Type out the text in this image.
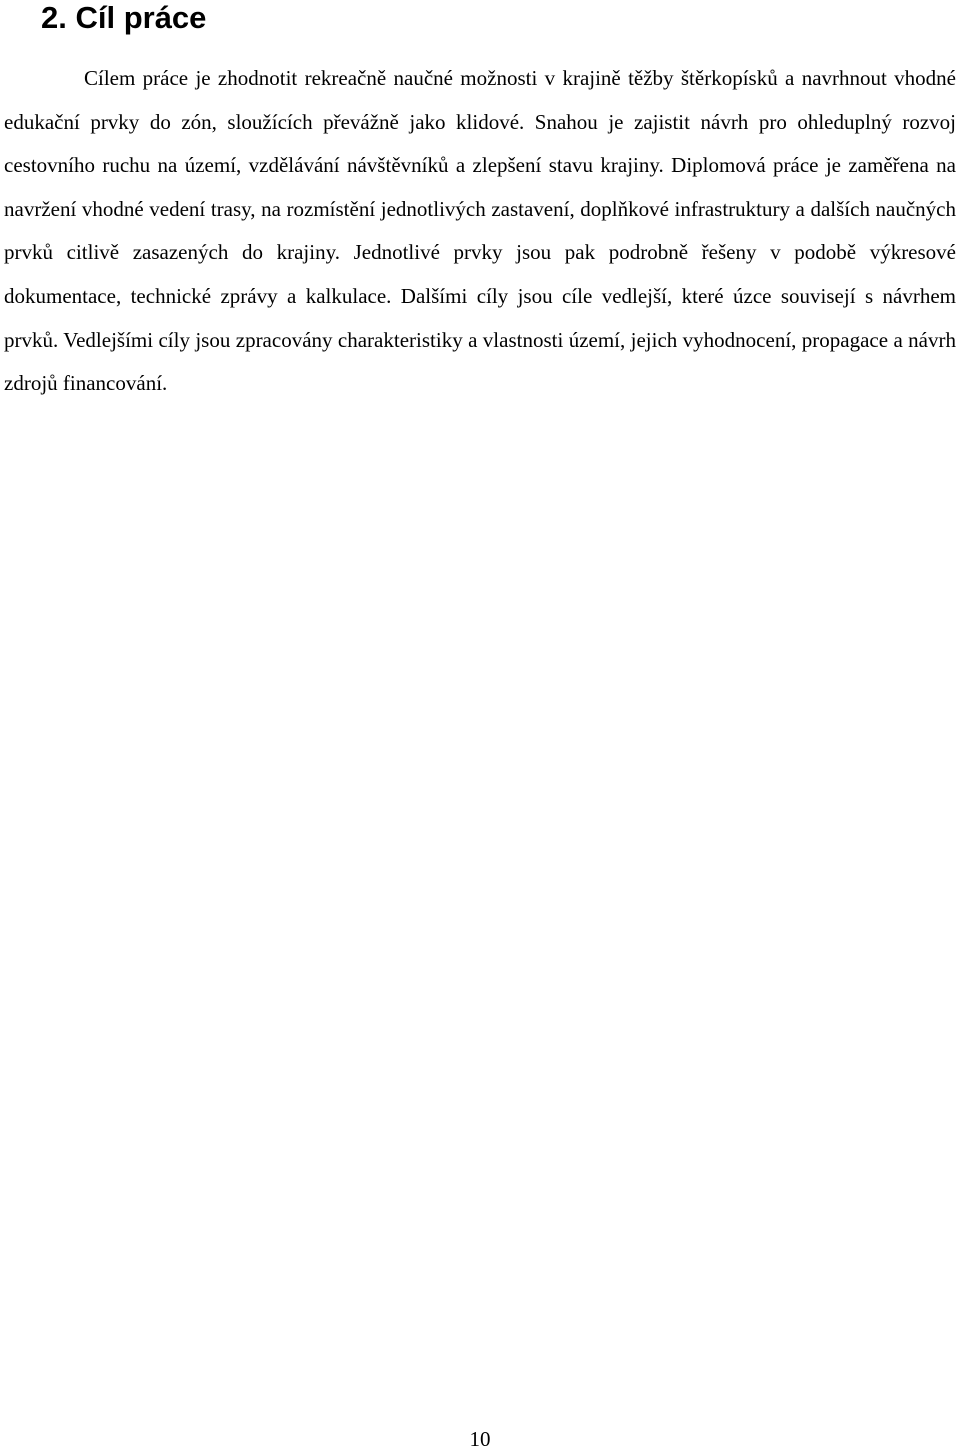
2. Cíl práce

Cílem práce je zhodnotit rekreačně naučné možnosti v krajině těžby štěrkopísků a navrhnout vhodné edukační prvky do zón, sloužících převážně jako klidové. Snahou je zajistit návrh pro ohleduplný rozvoj cestovního ruchu na území, vzdělávání návštěvníků a zlepšení stavu krajiny. Diplomová práce je zaměřena na navržení vhodné vedení trasy, na rozmístění jednotlivých zastavení, doplňkové infrastruktury a dalších naučných prvků citlivě zasazených do krajiny. Jednotlivé prvky jsou pak podrobně řešeny v podobě výkresové dokumentace, technické zprávy a kalkulace. Dalšími cíly jsou cíle vedlejší, které úzce souvisejí s návrhem prvků. Vedlejšími cíly jsou zpracovány charakteristiky a vlastnosti území, jejich vyhodnocení, propagace a návrh zdrojů financování.

10
